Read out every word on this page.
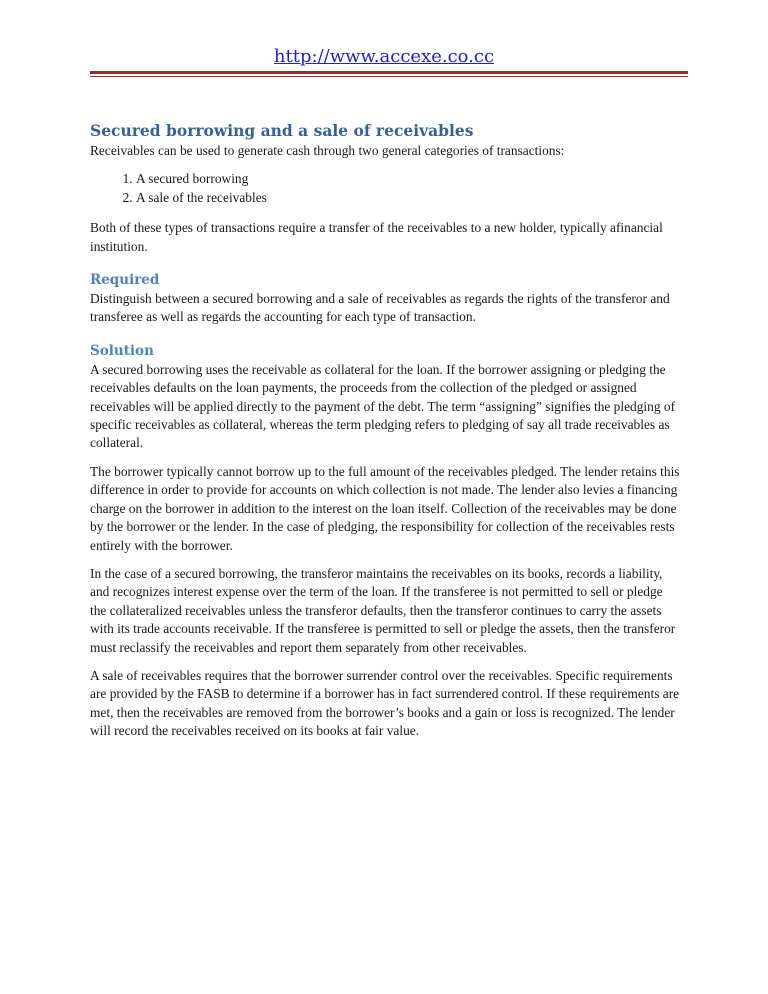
http://www.accexe.co.cc
Secured borrowing and a sale of receivables

Receivables can be used to generate cash through two general categories of transactions:

1. A secured borrowing
2. A sale of the receivables

Both of these types of transactions require a transfer of the receivables to a new holder, typically afinancial institution.

Required

Distinguish between a secured borrowing and a sale of receivables as regards the rights of the transferor and transferee as well as regards the accounting for each type of transaction.

Solution

A secured borrowing uses the receivable as collateral for the loan. If the borrower assigning or pledging the receivables defaults on the loan payments, the proceeds from the collection of the pledged or assigned receivables will be applied directly to the payment of the debt. The term “assigning” signifies the pledging of specific receivables as collateral, whereas the term pledging refers to pledging of say all trade receivables as collateral.

The borrower typically cannot borrow up to the full amount of the receivables pledged. The lender retains this difference in order to provide for accounts on which collection is not made. The lender also levies a financing charge on the borrower in addition to the interest on the loan itself. Collection of the receivables may be done by the borrower or the lender. In the case of pledging, the responsibility for collection of the receivables rests entirely with the borrower.

In the case of a secured borrowing, the transferor maintains the receivables on its books, records a liability, and recognizes interest expense over the term of the loan. If the transferee is not permitted to sell or pledge the collateralized receivables unless the transferor defaults, then the transferor continues to carry the assets with its trade accounts receivable. If the transferee is permitted to sell or pledge the assets, then the transferor must reclassify the receivables and report them separately from other receivables.

A sale of receivables requires that the borrower surrender control over the receivables. Specific requirements are provided by the FASB to determine if a borrower has in fact surrendered control. If these requirements are met, then the receivables are removed from the borrower’s books and a gain or loss is recognized. The lender will record the receivables received on its books at fair value.
